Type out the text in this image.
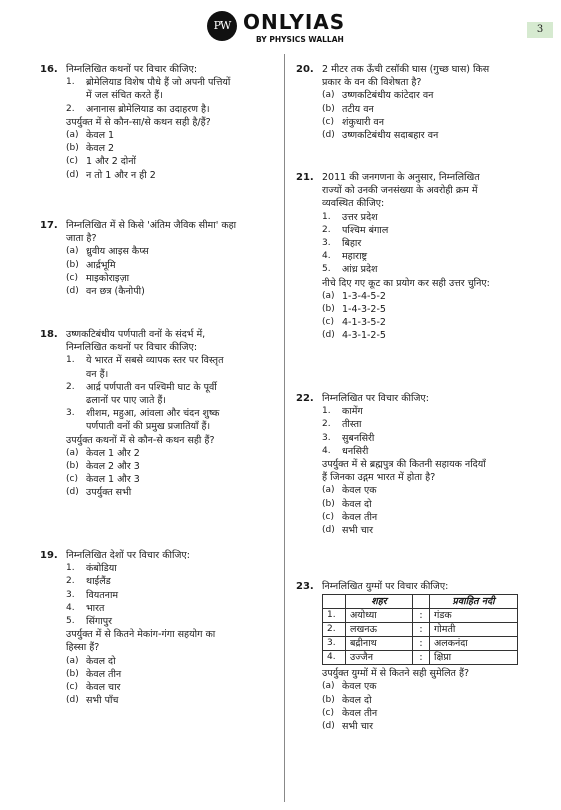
PW ONLYIAS
BY PHYSICS WALLAH
3
16. निम्नलिखित कथनों पर विचार कीजिए:
1. ब्रोमेलियाड विशेष पौधे हैं जो अपनी पत्तियों
में जल संचित करते हैं।
2. अनानास ब्रोमेलियाड का उदाहरण है।
उपर्युक्त में से कौन-सा/से कथन सही है/हैं?
(a) केवल 1
(b) केवल 2
(c) 1 और 2 दोनों
(d) न तो 1 और न ही 2
17. निम्नलिखित में से किसे 'अंतिम जैविक सीमा' कहा
जाता है?
(a) ध्रुवीय आइस कैप्स
(b) आर्द्रभूमि
(c) माइकोराइज़ा
(d) वन छत्र (कैनोपी)
18. उष्णकटिबंधीय पर्णपाती वनों के संदर्भ में,
निम्नलिखित कथनों पर विचार कीजिए:
1. ये भारत में सबसे व्यापक स्तर पर विस्तृत
वन हैं।
2. आर्द्र पर्णपाती वन पश्चिमी घाट के पूर्वी
ढलानों पर पाए जाते हैं।
3. शीशम, महुआ, आंवला और चंदन शुष्क
पर्णपाती वनों की प्रमुख प्रजातियाँ हैं।
उपर्युक्त कथनों में से कौन-से कथन सही हैं?
(a) केवल 1 और 2
(b) केवल 2 और 3
(c) केवल 1 और 3
(d) उपर्युक्त सभी
19. निम्नलिखित देशों पर विचार कीजिए:
1. कंबोडिया
2. थाईलैंड
3. वियतनाम
4. भारत
5. सिंगापुर
उपर्युक्त में से कितने मेकांग-गंगा सहयोग का
हिस्सा हैं?
(a) केवल दो
(b) केवल तीन
(c) केवल चार
(d) सभी पाँच
20. 2 मीटर तक ऊँची टसॉकी घास (गुच्छ घास) किस
प्रकार के वन की विशेषता है?
(a) उष्णकटिबंधीय कांटेदार वन
(b) तटीय वन
(c) शंकुधारी वन
(d) उष्णकटिबंधीय सदाबहार वन
21. 2011 की जनगणना के अनुसार, निम्नलिखित
राज्यों को उनकी जनसंख्या के अवरोही क्रम में
व्यवस्थित कीजिए:
1. उत्तर प्रदेश
2. पश्चिम बंगाल
3. बिहार
4. महाराष्ट्र
5. आंध्र प्रदेश
नीचे दिए गए कूट का प्रयोग कर सही उत्तर चुनिए:
(a) 1-3-4-5-2
(b) 1-4-3-2-5
(c) 4-1-3-5-2
(d) 4-3-1-2-5
22. निम्नलिखित पर विचार कीजिए:
1. कामेंग
2. तीस्ता
3. सुबनसिरी
4. धनसिरी
उपर्युक्त में से ब्रह्मपुत्र की कितनी सहायक नदियाँ
हैं जिनका उद्गम भारत में होता है?
(a) केवल एक
(b) केवल दो
(c) केवल तीन
(d) सभी चार
23. निम्नलिखित युग्मों पर विचार कीजिए:
	शहर		प्रवाहित नदी
1.	अयोध्या	:	गंडक
2.	लखनऊ	:	गोमती
3.	बद्रीनाथ	:	अलकनंदा
4.	उज्जैन	:	क्षिप्रा
उपर्युक्त युग्मों में से कितने सही सुमेलित हैं?
(a) केवल एक
(b) केवल दो
(c) केवल तीन
(d) सभी चार
